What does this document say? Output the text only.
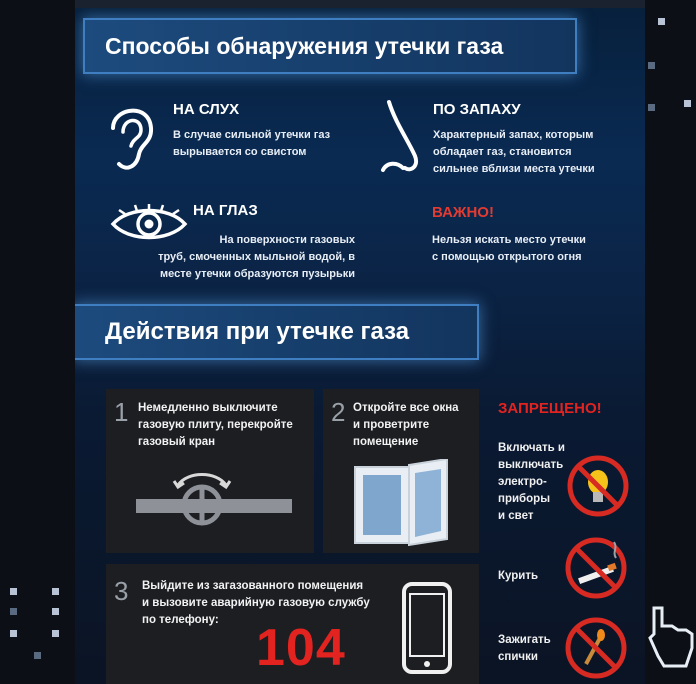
Способы обнаружения утечки газа
НА СЛУХ
В случае сильной утечки газ
вырывается со свистом
ПО ЗАПАХУ
Характерный запах, которым
обладает газ, становится
сильнее вблизи места утечки
НА ГЛАЗ
На поверхности газовых
труб, смоченных мыльной водой, в
месте утечки образуются пузырьки
ВАЖНО!
Нельзя искать место утечки
с помощью открытого огня
Действия при утечке газа
1 Немедленно выключите
газовую плиту, перекройте
газовый кран
2 Откройте все окна
и проветрите
помещение
3 Выйдите из загазованного помещения
и вызовите аварийную газовую службу
по телефону: 104
ЗАПРЕЩЕНО!
Включать и
выключать
электро-
приборы
и свет
Курить
Зажигать
спички
